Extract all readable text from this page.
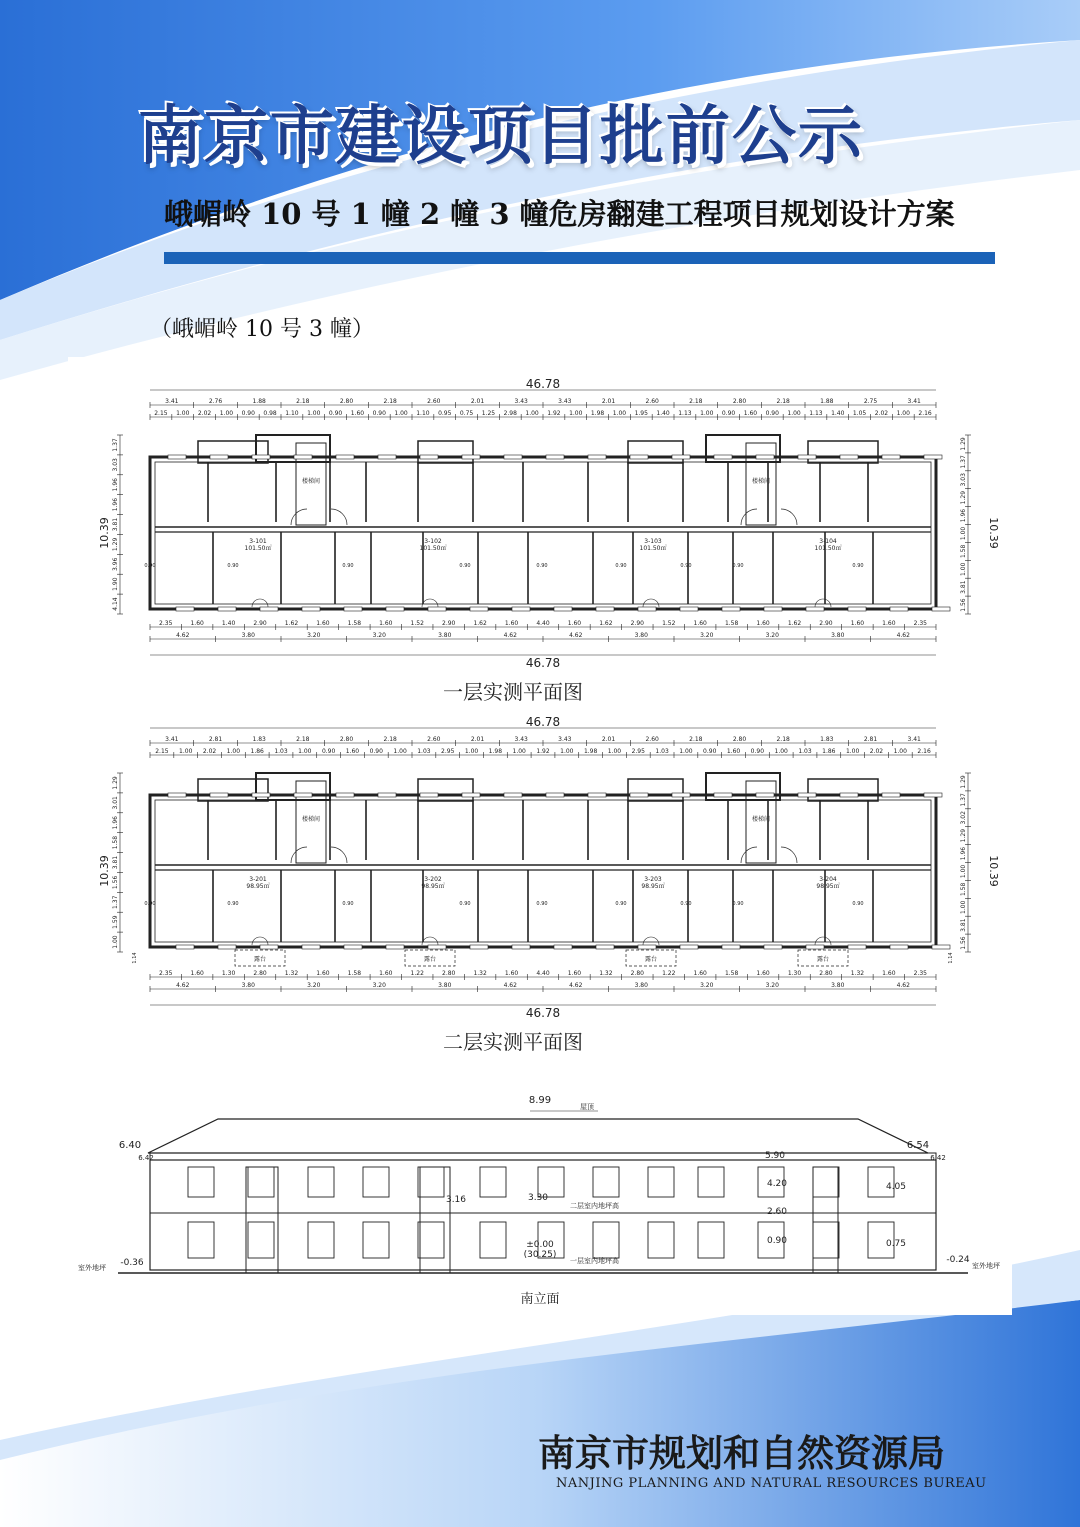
南京市建设项目批前公示
峨嵋岭 10 号 1 幢 2 幢 3 幢危房翻建工程项目规划设计方案
（峨嵋岭 10 号 3 幢）
46.78
3.41	2.76	1.88	2.18	2.80	2.18	2.60	2.01	3.43	3.43	2.01	2.60	2.18	2.80	2.18	1.88	2.75	3.41
2.15 1.00 2.02 1.00 0.90 0.98 1.10 1.00 0.90 1.60 0.90 1.00 1.10 0.95 0.75 1.25 2.98 1.00 1.92 1.00 1.98 1.00 1.95 1.40 1.13 1.00 0.90 1.60 0.90 1.00 1.13 1.40 1.05 2.02 1.00 2.16
楼梯间	楼梯间
3-101
101.50㎡
3-102
101.50㎡
3-103
101.50㎡
3-104
101.50㎡
0.90	0.90	0.90	0.90	0.90	0.90	0.90	0.90	0.90
1.37
3.03
1.96
1.96
3.81
1.29
3.96
1.90
4.14
1.29
1.37
3.03
1.29
1.96
1.00
1.58
1.00
3.81
1.56
10.39	10.39
2.35	1.60	1.40	2.90	1.62	1.60	1.58	1.60	1.52	2.90	1.62	1.60	4.40	1.60	1.62	2.90	1.52	1.60	1.58	1.60	1.62	2.90	1.60	1.60	2.35
4.62	3.80	3.20	3.20	3.80	4.62	4.62	3.80	3.20	3.20	3.80	4.62
46.78
一层实测平面图
46.78
3.41	2.81	1.83	2.18	2.80	2.18	2.60	2.01	3.43	3.43	2.01	2.60	2.18	2.80	2.18	1.83	2.81	3.41
2.15 1.00 2.02 1.00 1.86 1.03 1.00 0.90 1.60 0.90 1.00 1.03 2.95 1.00 1.98 1.00 1.92 1.00 1.98 1.00 2.95 1.03 1.00 0.90 1.60 0.90 1.00 1.03 1.86 1.00 2.02 1.00 2.16
楼梯间	楼梯间
3-201
98.95㎡
3-202
98.95㎡
3-203
98.95㎡
3-204
98.95㎡
0.90	0.90	0.90	0.90	0.90	0.90	0.90	0.90	0.90
露台	露台	露台	露台
1.14	1.14
1.29
3.01
1.96
1.58
3.81
1.56
1.37
1.59
1.00
1.29
1.37
3.02
1.29
1.96
1.00
1.58
1.00
3.81
1.56
10.39	10.39
2.35	1.60	1.30	2.80	1.32	1.60	1.58	1.60	1.22	2.80	1.32	1.60	4.40	1.60	1.32	2.80	1.22	1.60	1.58	1.60	1.30	2.80	1.32	1.60	2.35
4.62	3.80	3.20	3.20	3.80	4.62	4.62	3.80	3.20	3.20	3.80	4.62
46.78
二层实测平面图
8.99
屋顶
6.40
6.42
6.54
6.42
5.90
4.20	4.05
3.16	3.30
二层室内地坪高
2.60
±0.00
(30.25)
一层室内地坪高
0.90	0.75
-0.36
室外地坪
-0.24
室外地坪
南立面
南京市规划和自然资源局
NANJING PLANNING AND NATURAL RESOURCES BUREAU
